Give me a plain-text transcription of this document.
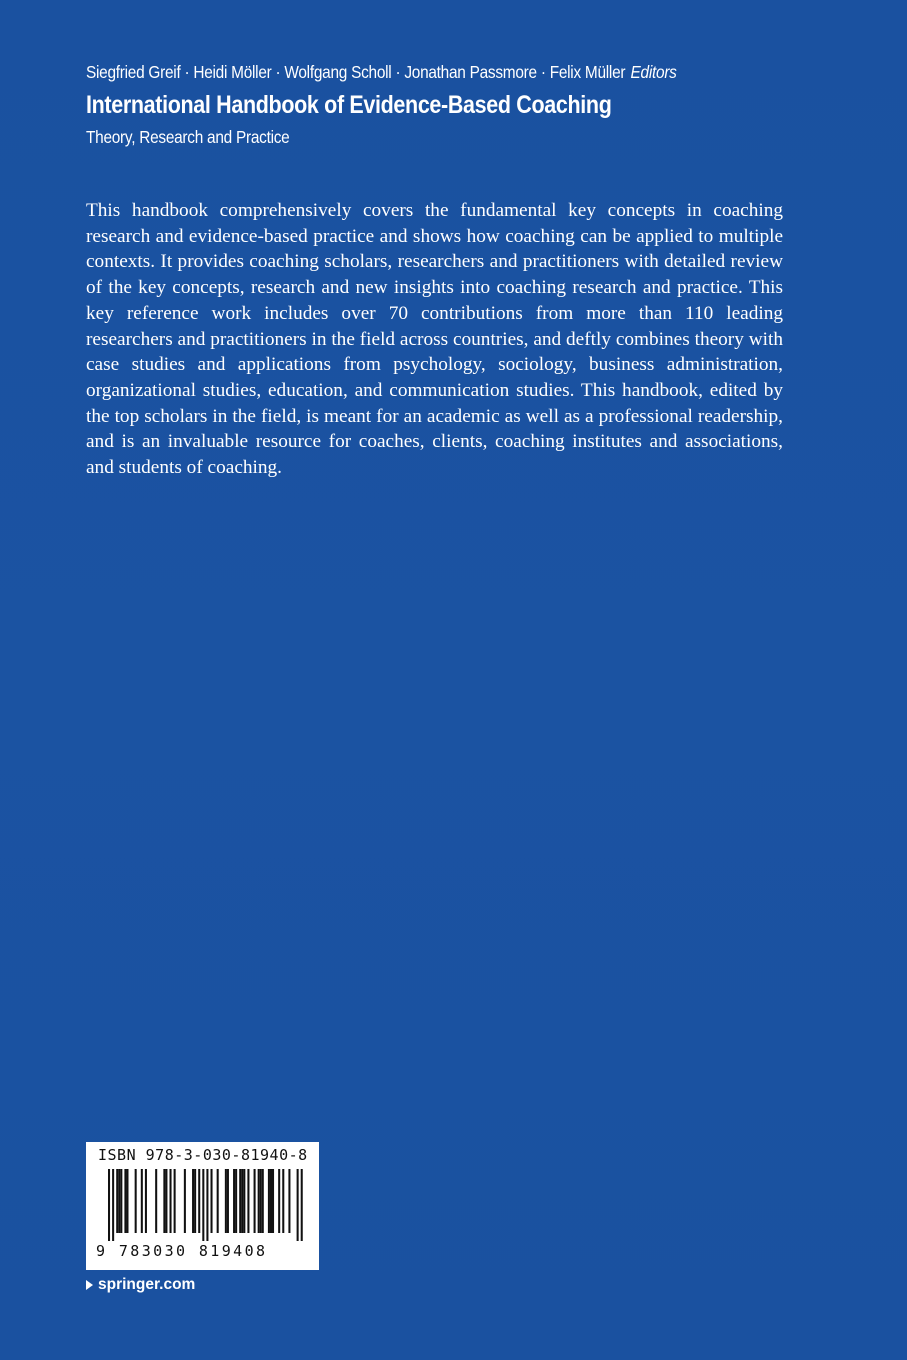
Siegfried Greif · Heidi Möller · Wolfgang Scholl · Jonathan Passmore · Felix Müller Editors
International Handbook of Evidence-Based Coaching
Theory, Research and Practice

This handbook comprehensively covers the fundamental key concepts in coaching research and evidence-based practice and shows how coaching can be applied to multiple contexts. It provides coaching scholars, researchers and practitioners with detailed review of the key concepts, research and new insights into coaching research and practice. This key reference work includes over 70 contributions from more than 110 leading researchers and practitioners in the field across countries, and deftly combines theory with case studies and applications from psychology, sociology, business administration, organizational studies, education, and communication studies. This handbook, edited by the top scholars in the field, is meant for an academic as well as a professional readership, and is an invaluable resource for coaches, clients, coaching institutes and associations, and students of coaching.

ISBN 978-3-030-81940-8
9 783030 819408
springer.com
